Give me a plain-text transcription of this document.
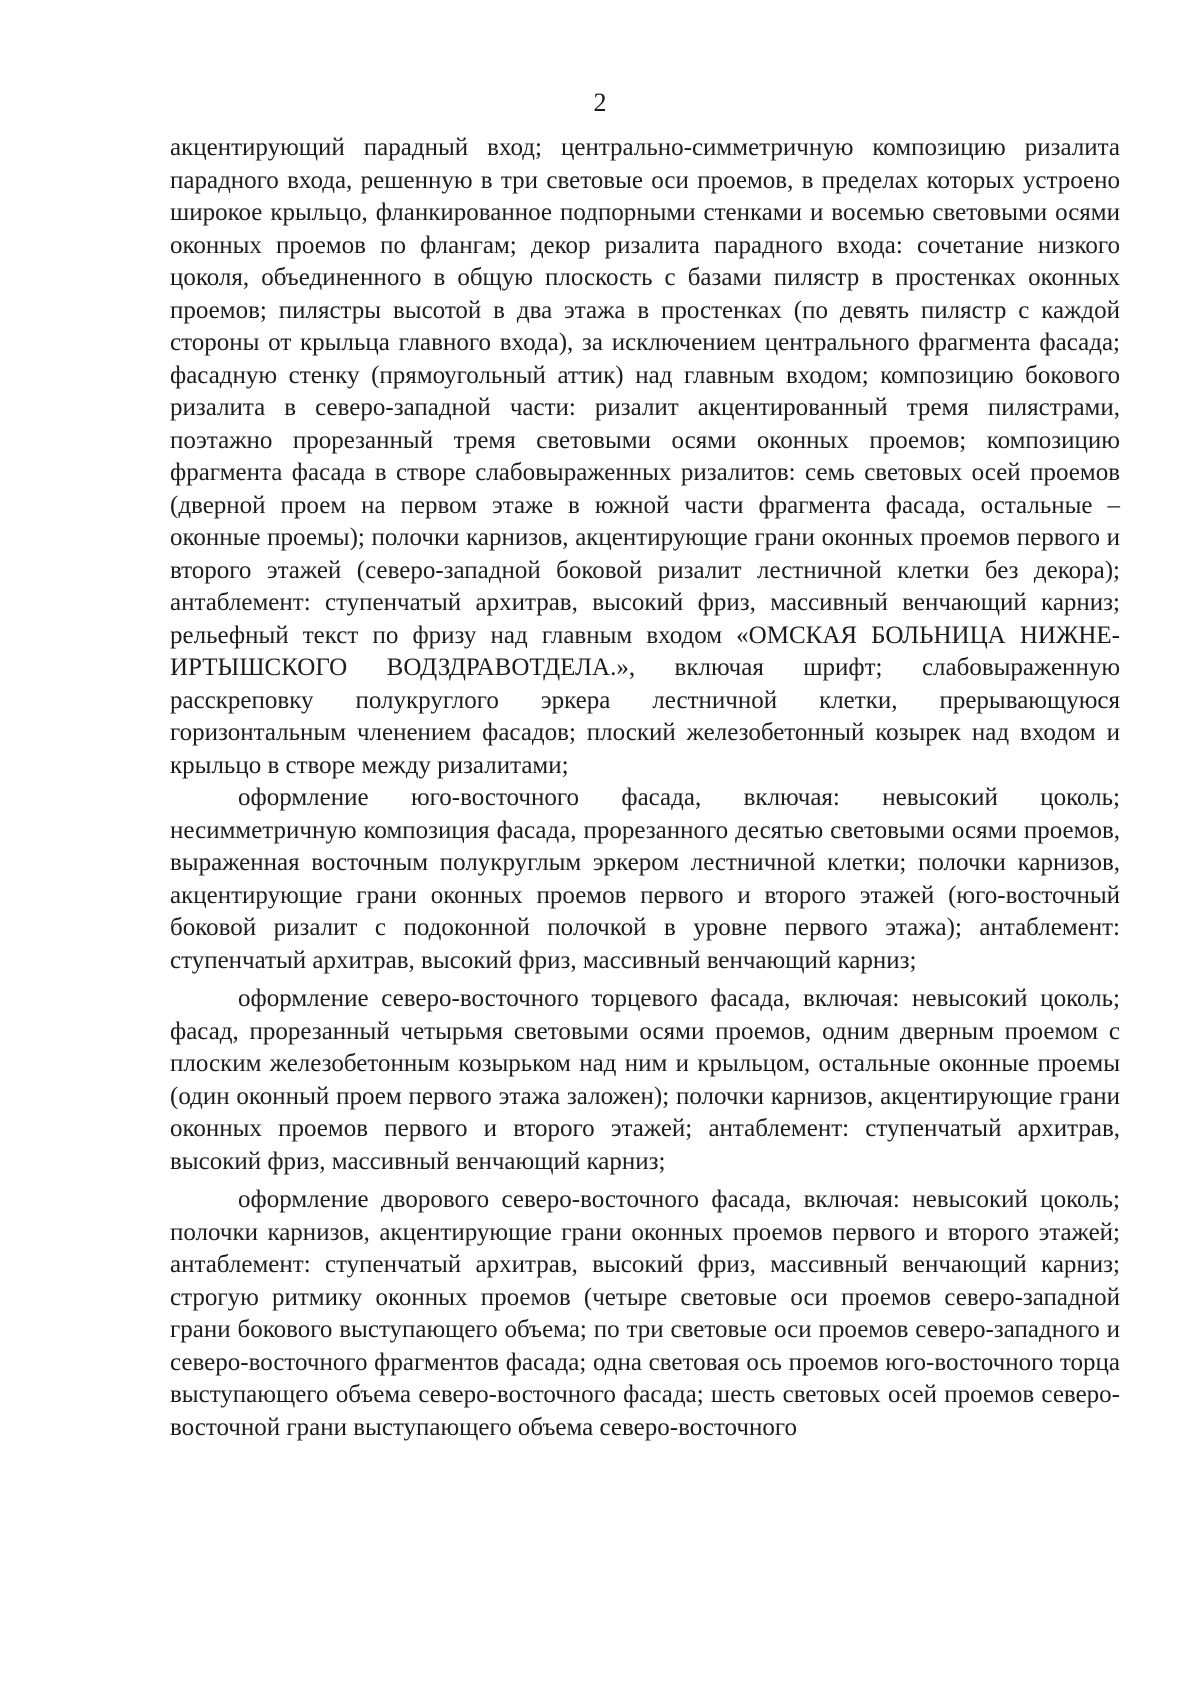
2

акцентирующий парадный вход; центрально-симметричную композицию ризалита парадного входа, решенную в три световые оси проемов, в пределах которых устроено широкое крыльцо, фланкированное подпорными стенками и восемью световыми осями оконных проемов по флангам; декор ризалита парадного входа: сочетание низкого цоколя, объединенного в общую плоскость с базами пилястр в простенках оконных проемов; пилястры высотой в два этажа в простенках (по девять пилястр с каждой стороны от крыльца главного входа), за исключением центрального фрагмента фасада; фасадную стенку (прямоугольный аттик) над главным входом; композицию бокового ризалита в северо-западной части: ризалит акцентированный тремя пилястрами, поэтажно прорезанный тремя световыми осями оконных проемов; композицию фрагмента фасада в створе слабовыраженных ризалитов: семь световых осей проемов (дверной проем на первом этаже в южной части фрагмента фасада, остальные – оконные проемы); полочки карнизов, акцентирующие грани оконных проемов первого и второго этажей (северо-западной боковой ризалит лестничной клетки без декора); антаблемент: ступенчатый архитрав, высокий фриз, массивный венчающий карниз; рельефный текст по фризу над главным входом «ОМСКАЯ БОЛЬНИЦА НИЖНЕ-ИРТЫШСКОГО ВОДЗДРАВОТДЕЛА.», включая шрифт; слабовыраженную расскреповку полукруглого эркера лестничной клетки, прерывающуюся горизонтальным членением фасадов; плоский железобетонный козырек над входом и крыльцо в створе между ризалитами;

оформление юго-восточного фасада, включая: невысокий цоколь; несимметричную композиция фасада, прорезанного десятью световыми осями проемов, выраженная восточным полукруглым эркером лестничной клетки; полочки карнизов, акцентирующие грани оконных проемов первого и второго этажей (юго-восточный боковой ризалит с подоконной полочкой в уровне первого этажа); антаблемент: ступенчатый архитрав, высокий фриз, массивный венчающий карниз;

оформление северо-восточного торцевого фасада, включая: невысокий цоколь; фасад, прорезанный четырьмя световыми осями проемов, одним дверным проемом с плоским железобетонным козырьком над ним и крыльцом, остальные оконные проемы (один оконный проем первого этажа заложен); полочки карнизов, акцентирующие грани оконных проемов первого и второго этажей; антаблемент: ступенчатый архитрав, высокий фриз, массивный венчающий карниз;

оформление дворового северо-восточного фасада, включая: невысокий цоколь; полочки карнизов, акцентирующие грани оконных проемов первого и второго этажей; антаблемент: ступенчатый архитрав, высокий фриз, массивный венчающий карниз; строгую ритмику оконных проемов (четыре световые оси проемов северо-западной грани бокового выступающего объема; по три световые оси проемов северо-западного и северо-восточного фрагментов фасада; одна световая ось проемов юго-восточного торца выступающего объема северо-восточного фасада; шесть световых осей проемов северо-восточной грани выступающего объема северо-восточного
